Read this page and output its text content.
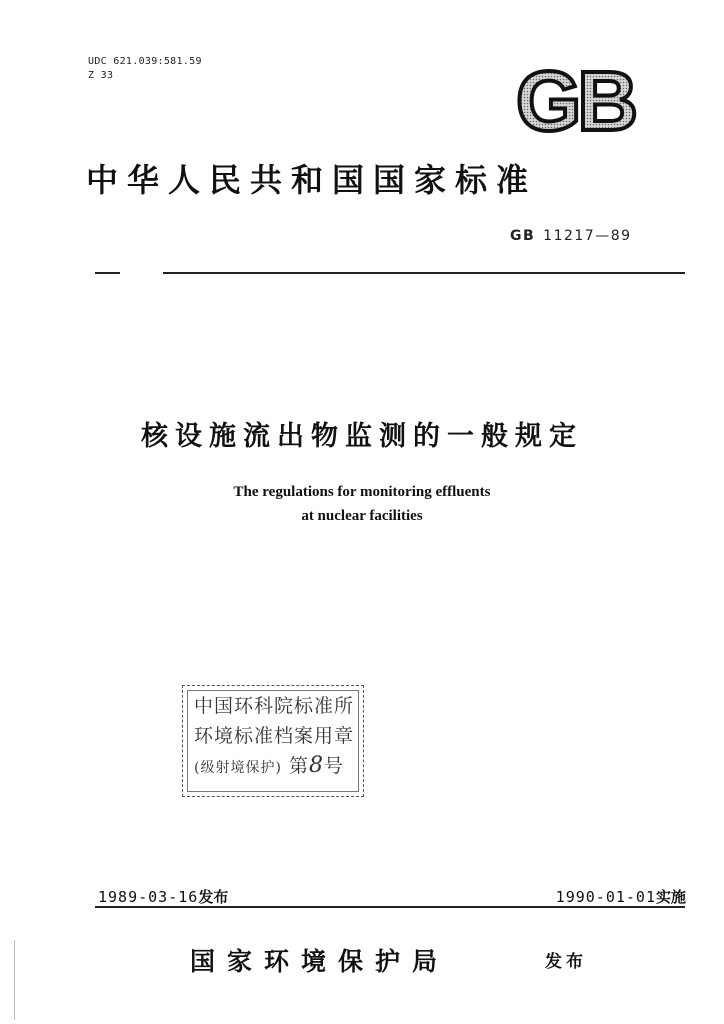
UDC 621.039:581.59
Z 33	GB
中华人民共和国国家标准
GB 11217—89
核设施流出物监测的一般规定
The regulations for monitoring effluents
at nuclear facilities
中国环科院标准所
环境标准档案用章
(级射境保护) 第8号
1989-03-16发布	1990-01-01实施
国家环境保护局	发布
